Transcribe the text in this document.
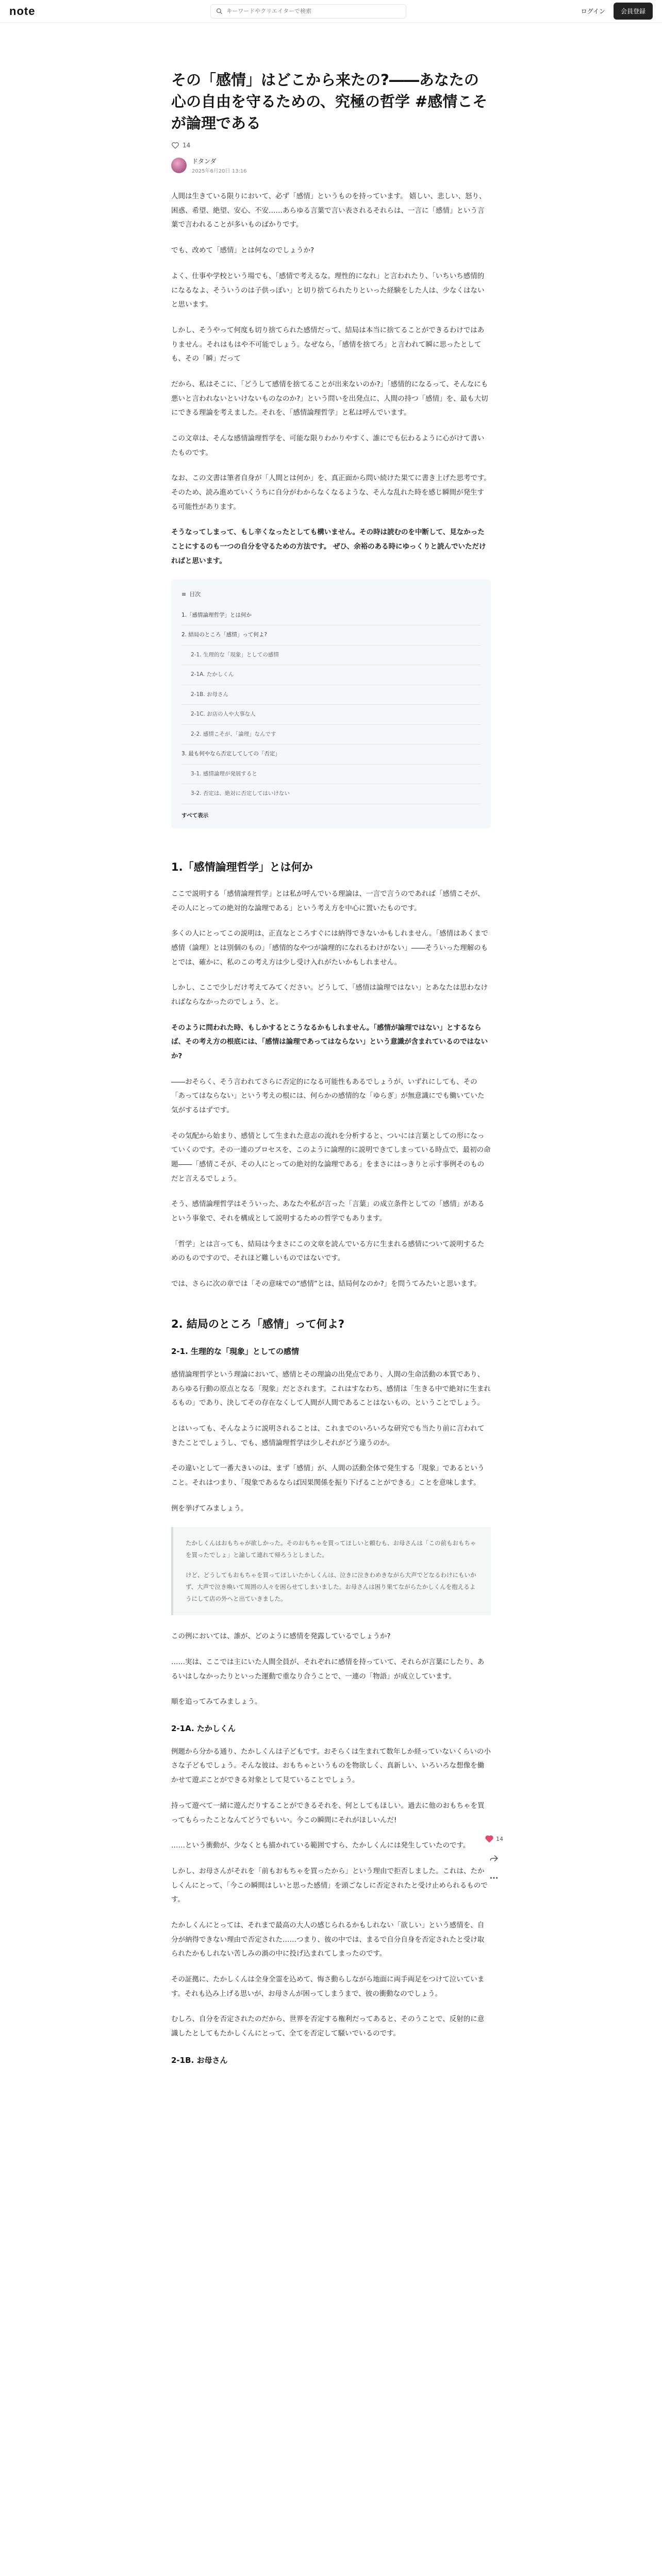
note
キーワードやクリエイターで検索	ログイン	会員登録
その「感情」はどこから来たの?――あなたの心の自由を守るための、究極の哲学 #感情こそが論理である
14
ドタンダ
2025年6月20日 13:16

人間は生きている限りにおいて、必ず「感情」というものを持っています。 嬉しい、悲しい、怒り、困惑、希望、絶望、安心、不安……あらゆる言葉で言い表されるそれらは、一言に「感情」という言葉で言われることが多いものばかりです。

でも、改めて「感情」とは何なのでしょうか?

よく、仕事や学校という場でも、「感情で考えるな。理性的になれ」と言われたり、「いちいち感情的になるなよ、そういうのは子供っぽい」と切り捨てられたりといった経験をした人は、少なくはないと思います。

しかし、そうやって何度も切り捨てられた感情だって、結局は本当に捨てることができるわけではありません。それはもはや不可能でしょう。なぜなら、「感情を捨てろ」と言われて瞬に思ったとしても、その「瞬」だって

だから、私はそこに、「どうして感情を捨てることが出来ないのか?」「感情的になるって、そんなにも悪いと言われないといけないものなのか?」という問いを出発点に、人間の持つ「感情」を、最も大切にできる理論を考えました。それを、「感情論理哲学」と私は呼んでいます。

この文章は、そんな感情論理哲学を、可能な限りわかりやすく、誰にでも伝わるように心がけて書いたものです。

なお、この文書は筆者自身が「人間とは何か」を、真正面から問い続けた果てに書き上げた思考です。そのため、読み進めていくうちに自分がわからなくなるような、そんな乱れた時を感じ瞬間が発生する可能性があります。

そうなってしまって、もし辛くなったとしても構いません。その時は読むのを中断して、見なかったことにするのも一つの自分を守るための方法です。 ぜひ、余裕のある時にゆっくりと読んでいただければと思います。

≡ 目次
1.「感情論理哲学」とは何か
2. 結局のところ「感情」って何よ?
2-1. 生理的な「現象」としての感情
2-1A. たかしくん
2-1B. お母さん
2-1C. お店の人や大事な人
2-2. 感情こそが、「論理」なんです
3. 最も何やなら否定してしての「否定」
3-1. 感情論理が発展すると
3-2. 否定は、絶対に否定してはいけない
すべて表示
1.「感情論理哲学」とは何か

ここで説明する「感情論理哲学」とは私が呼んでいる理論は、一言で言うのであれば「感情こそが、その人にとっての絶対的な論理である」という考え方を中心に置いたものです。

多くの人にとってこの説明は、正直なところすぐには納得できないかもしれません。「感情はあくまで感情（論理）とは別個のもの」「感情的なやつが論理的になれるわけがない」――そういった理解のもとでは、確かに、私のこの考え方は少し受け入れがたいかもしれません。

しかし、ここで少しだけ考えてみてください。どうして、「感情は論理ではない」とあなたは思わなければならなかったのでしょう、と。

そのように問われた時、もしかするとこうなるかもしれません。「感情が論理ではない」とするならば、その考え方の根底には、「感情は論理であってはならない」という意識が含まれているのではないか?

――おそらく、そう言われてさらに否定的になる可能性もあるでしょうが、いずれにしても、その「あってはならない」という考えの根には、何らかの感情的な「ゆらぎ」が無意識にでも働いていた気がするはずです。

その気配から始まり、感情として生まれた意志の流れを分析すると、ついには言葉としての形になっていくのです。その一連のプロセスを、このように論理的に説明できてしまっている時点で、最初の命題――「感情こそが、その人にとっての絶対的な論理である」をまさにはっきりと示す事例そのものだと言えるでしょう。

そう、感情論理哲学はそういった、あなたや私が言った「言葉」の成立条件としての「感情」があるという事象で、それを構成として説明するための哲学でもあります。

「哲学」とは言っても、結局は今まさにこの文章を読んでいる方に生まれる感情について説明するためのものですので、それほど難しいものではないです。

では、さらに次の章では「その意味での“感情”とは、結局何なのか?」を問うてみたいと思います。

2. 結局のところ「感情」って何よ?
2-1. 生理的な「現象」としての感情

感情論理哲学という理論において、感情とその理論の出発点であり、人間の生命活動の本質であり、あらゆる行動の原点となる「現象」だとされます。これはすなわち、感情は「生きる中で絶対に生まれるもの」であり、決してその存在なくして人間が人間であることはないもの、ということでしょう。

とはいっても、そんなように説明されることは、これまでのいろいろな研究でも当たり前に言われてきたことでしょうし、でも、感情論理哲学は少しそれがどう違うのか。

その違いとして一番大きいのは、まず「感情」が、人間の活動全体で発生する「現象」であるということ。それはつまり、「現象であるならば因果関係を振り下げることができる」ことを意味します。

例を挙げてみましょう。

たかしくんはおもちゃが欲しかった。そのおもちゃを買ってほしいと頼むも、お母さんは「この前もおもちゃを買ったでしょ」と諭して連れて帰ろうとしました。

けど、どうしてもおもちゃを買ってほしいたかしくんは、泣きに泣きわめきながら大声でどなるわけにもいかず、大声で泣き喚いて周囲の人々を困らせてしまいました。お母さんは困り果てながらたかしくんを抱えるようにして店の外へと出ていきました。

この例においては、誰が、どのように感情を発露しているでしょうか?

……実は、ここでは主にいた人間全員が、それぞれに感情を持っていて、それらが言葉にしたり、あるいはしなかったりといった運動で重なり合うことで、一連の「物語」が成立しています。

順を追ってみてみましょう。

2-1A. たかしくん

例題から分かる通り、たかしくんは子どもです。おそらくは生まれて数年しか経っていないくらいの小さな子どもでしょう。そんな彼は、おもちゃというものを物欲しく、真新しい、いろいろな想像を働かせて遊ぶことができる対象として見ていることでしょう。

持って遊べて一緒に遊んだりすることができるそれを、何としてもほしい。過去に他のおもちゃを買ってもらったことなんてどうでもいい。今この瞬間にそれがほしいんだ!

……という衝動が、少なくとも描かれている範囲ですら、たかしくんには発生していたのです。

しかし、お母さんがそれを「前もおもちゃを買ったから」という理由で拒否しました。これは、たかしくんにとって、「今この瞬間はしいと思った感情」を頭ごなしに否定されたと受け止められるものです。

たかしくんにとっては、それまで最高の大人の感じられるかもしれない「欲しい」という感情を、自分が納得できない理由で否定された……つまり、彼の中では、まるで自分自身を否定されたと受け取られたかもしれない苦しみの渦の中に投げ込まれてしまったのです。

その証拠に、たかしくんは全身全霊を込めて、悔さ動らしながら地面に両手両足をつけて泣いています。それも込み上げる思いが、お母さんが困ってしまうまで、彼の衝動なのでしょう。

むしろ、自分を否定されたのだから、世界を否定する権利だってあると、そのうことで、反射的に意識したとしてもたかしくんにとって、全てを否定して騒いでいるのです。

2-1B. お母さん
14
